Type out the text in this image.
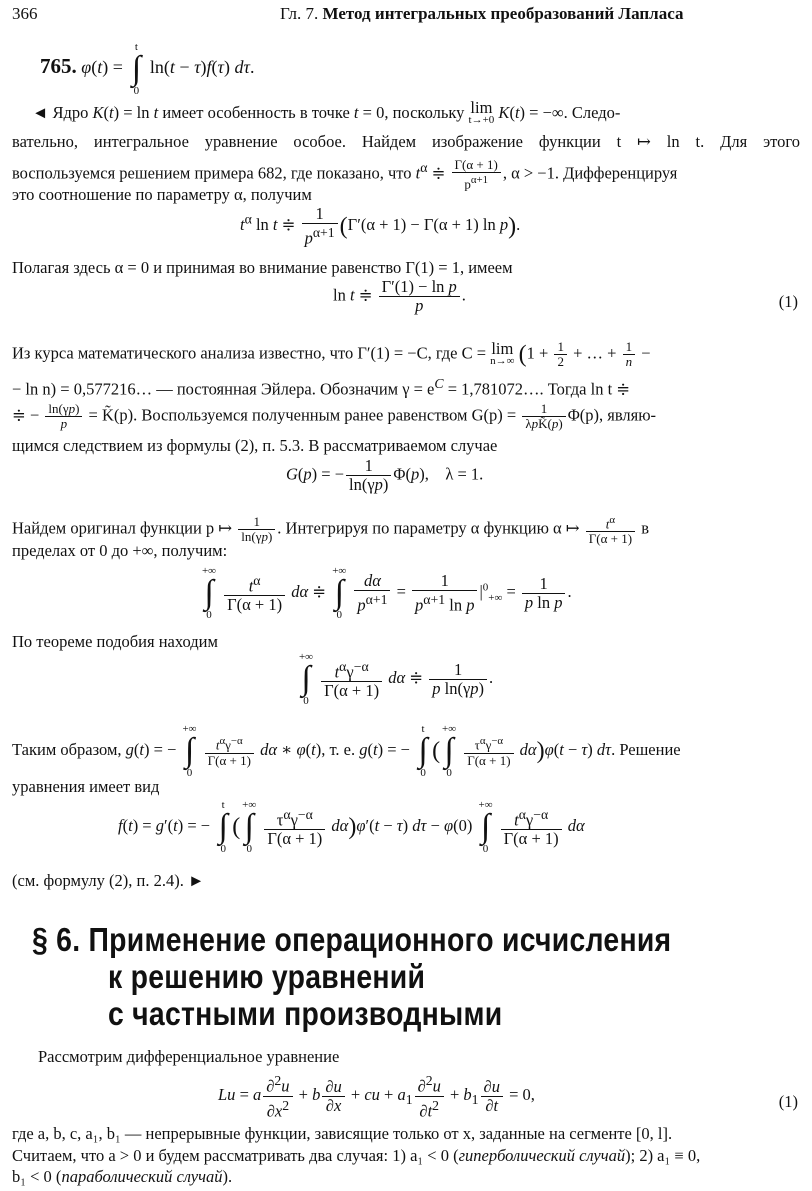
366	Гл. 7. Метод интегральных преобразований Лапласа
765. φ(t) =
t
∫
0
ln(t − τ)f(τ) dτ.
◄ Ядро K(t) = ln t имеет особенность в точке t = 0, поскольку lim
t→+0 K(t) = −∞. Следо-
вательно, интегральное уравнение особое. Найдем изображение функции t ↦ ln t. Для этого
воспользуемся решением примера 682, где показано, что $t^\alpha$ ≑ $\frac{\Gamma(\alpha + 1)}{p^{\alpha+1}}$ , α > −1. Дифференцируя
это соотношение по параметру α, получим
$t^\alpha$ ln t ≑ $\frac{1}{p^{\alpha+1}} (\Gamma'(\alpha + 1) - \Gamma(\alpha + 1)$ ln p).
Полагая здесь α = 0 и принимая во внимание равенство Γ(1) = 1, имеем
ln t ≑ $\frac{\text{Γ′(1) − ln p}}{p}$ .	(1)
Из курса математического анализа известно, что Γ′(1) = −C, где C = lim
n→∞ ($1 + \frac{1}{2}$ + … + $\frac{1}{n}$ −
− ln n) = 0,577216… — постоянная Эйлера. Обозначим $\gamma = e^C$ = 1,781072…. Тогда ln t ≑
≑ − $\frac{\ln(\gamma p)}{p}$ = K̃(p). Воспользуемся полученным ранее равенством $G(p) = \frac{1}{\text{λpK̃(p)}} \Phi(p)$, являю-
щимся следствием из формулы (2), п. 5.3. В рассматриваемом случае
G(p) = − $\frac{1}{\ln(\gamma p)} \Phi(p)$,    λ = 1.
Найдем оригинал функции p ↦ $\frac{1}{\ln(\gamma p)}$ . Интегрируя по параметру α функцию α ↦ $\frac{t^\alpha}{\Gamma(\alpha + 1)}$ в
пределах от 0 до +∞, получим:
+∞
∫
0

$\frac{t^\alpha}{\Gamma(\alpha + 1)}$ dα ≑
+∞
∫
0

$\frac{d\alpha}{p^{\alpha+1}} = \frac{1}{p^{\alpha+1} \ln p} |^0_{+\infty} = \frac{1}{\text{p ln p}}$ .
По теореме подобия находим
+∞
∫
0

$\frac{t^\alpha\gamma^{-\alpha}}{\Gamma(\alpha + 1)}$ dα ≑ $\frac{1}{\text{p ln(γp)}}$ .
Таким образом, g(t) = −
+∞
∫
0

$\frac{t^\alpha\gamma^{-\alpha}}{\Gamma(\alpha + 1)}$ dα ∗ φ(t), т. е. g(t) = −
t
∫
0
(
+∞
∫
0

$\frac{\tau^\alpha\gamma^{-\alpha}}{\Gamma(\alpha + 1)} d\alpha)\varphi(t - \tau)$ dτ. Решение
уравнения имеет вид
f(t) = g′(t) = −
t
∫
0
(
+∞
∫
0

$\frac{\tau^\alpha\gamma^{-\alpha}}{\Gamma(\alpha + 1)} d\alpha)\varphi'(t - \tau)$ dτ − φ(0)
+∞
∫
0

$\frac{t^\alpha\gamma^{-\alpha}}{\Gamma(\alpha + 1)}$ dα
(см. формулу (2), п. 2.4). ►
§ 6. Применение операционного исчисления
к решению уравнений
с частными производными
Рассмотрим дифференциальное уравнение
Lu = a $\frac{\partial^2u}{\partial x^2} + b \frac{\partial u}{\partial x}$ + cu + $a_1 \frac{\partial^2u}{\partial t^2} + b_1 \frac{\partial u}{\partial t} = 0$,	(1)
где a, b, c, a₁, b₁ — непрерывные функции, зависящие только от x, заданные на сегменте [0, l].
Считаем, что a > 0 и будем рассматривать два случая: 1) a₁ < 0 (гиперболический случай); 2) a₁ ≡ 0,
b₁ < 0 (параболический случай).
